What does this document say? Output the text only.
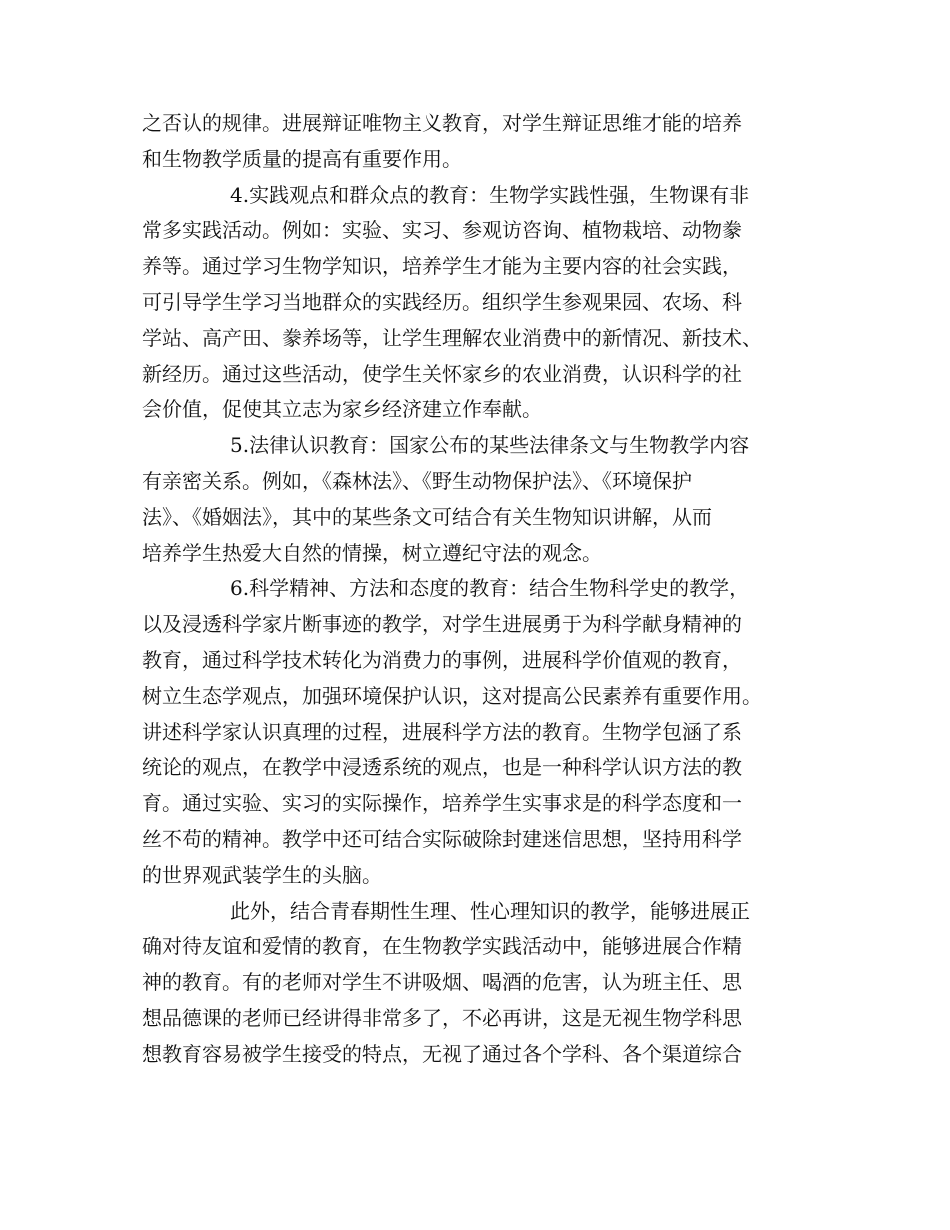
之否认的规律。进展辩证唯物主义教育，对学生辩证思维才能的培养
和生物教学质量的提高有重要作用。
4.实践观点和群众点的教育：生物学实践性强，生物课有非
常多实践活动。例如：实验、实习、参观访咨询、植物栽培、动物豢
养等。通过学习生物学知识，培养学生才能为主要内容的社会实践，
可引导学生学习当地群众的实践经历。组织学生参观果园、农场、科
学站、高产田、豢养场等，让学生理解农业消费中的新情况、新技术、
新经历。通过这些活动，使学生关怀家乡的农业消费，认识科学的社
会价值，促使其立志为家乡经济建立作奉献。
5.法律认识教育：国家公布的某些法律条文与生物教学内容
有亲密关系。例如，《森林法》、《野生动物保护法》、《环境保护
法》、《婚姻法》，其中的某些条文可结合有关生物知识讲解，从而
培养学生热爱大自然的情操，树立遵纪守法的观念。
6.科学精神、方法和态度的教育：结合生物科学史的教学，
以及浸透科学家片断事迹的教学，对学生进展勇于为科学献身精神的
教育，通过科学技术转化为消费力的事例，进展科学价值观的教育，
树立生态学观点，加强环境保护认识，这对提高公民素养有重要作用。
讲述科学家认识真理的过程，进展科学方法的教育。生物学包涵了系
统论的观点，在教学中浸透系统的观点，也是一种科学认识方法的教
育。通过实验、实习的实际操作，培养学生实事求是的科学态度和一
丝不苟的精神。教学中还可结合实际破除封建迷信思想，坚持用科学
的世界观武装学生的头脑。
此外，结合青春期性生理、性心理知识的教学，能够进展正
确对待友谊和爱情的教育，在生物教学实践活动中，能够进展合作精
神的教育。有的老师对学生不讲吸烟、喝酒的危害，认为班主任、思
想品德课的老师已经讲得非常多了，不必再讲，这是无视生物学科思
想教育容易被学生接受的特点，无视了通过各个学科、各个渠道综合
